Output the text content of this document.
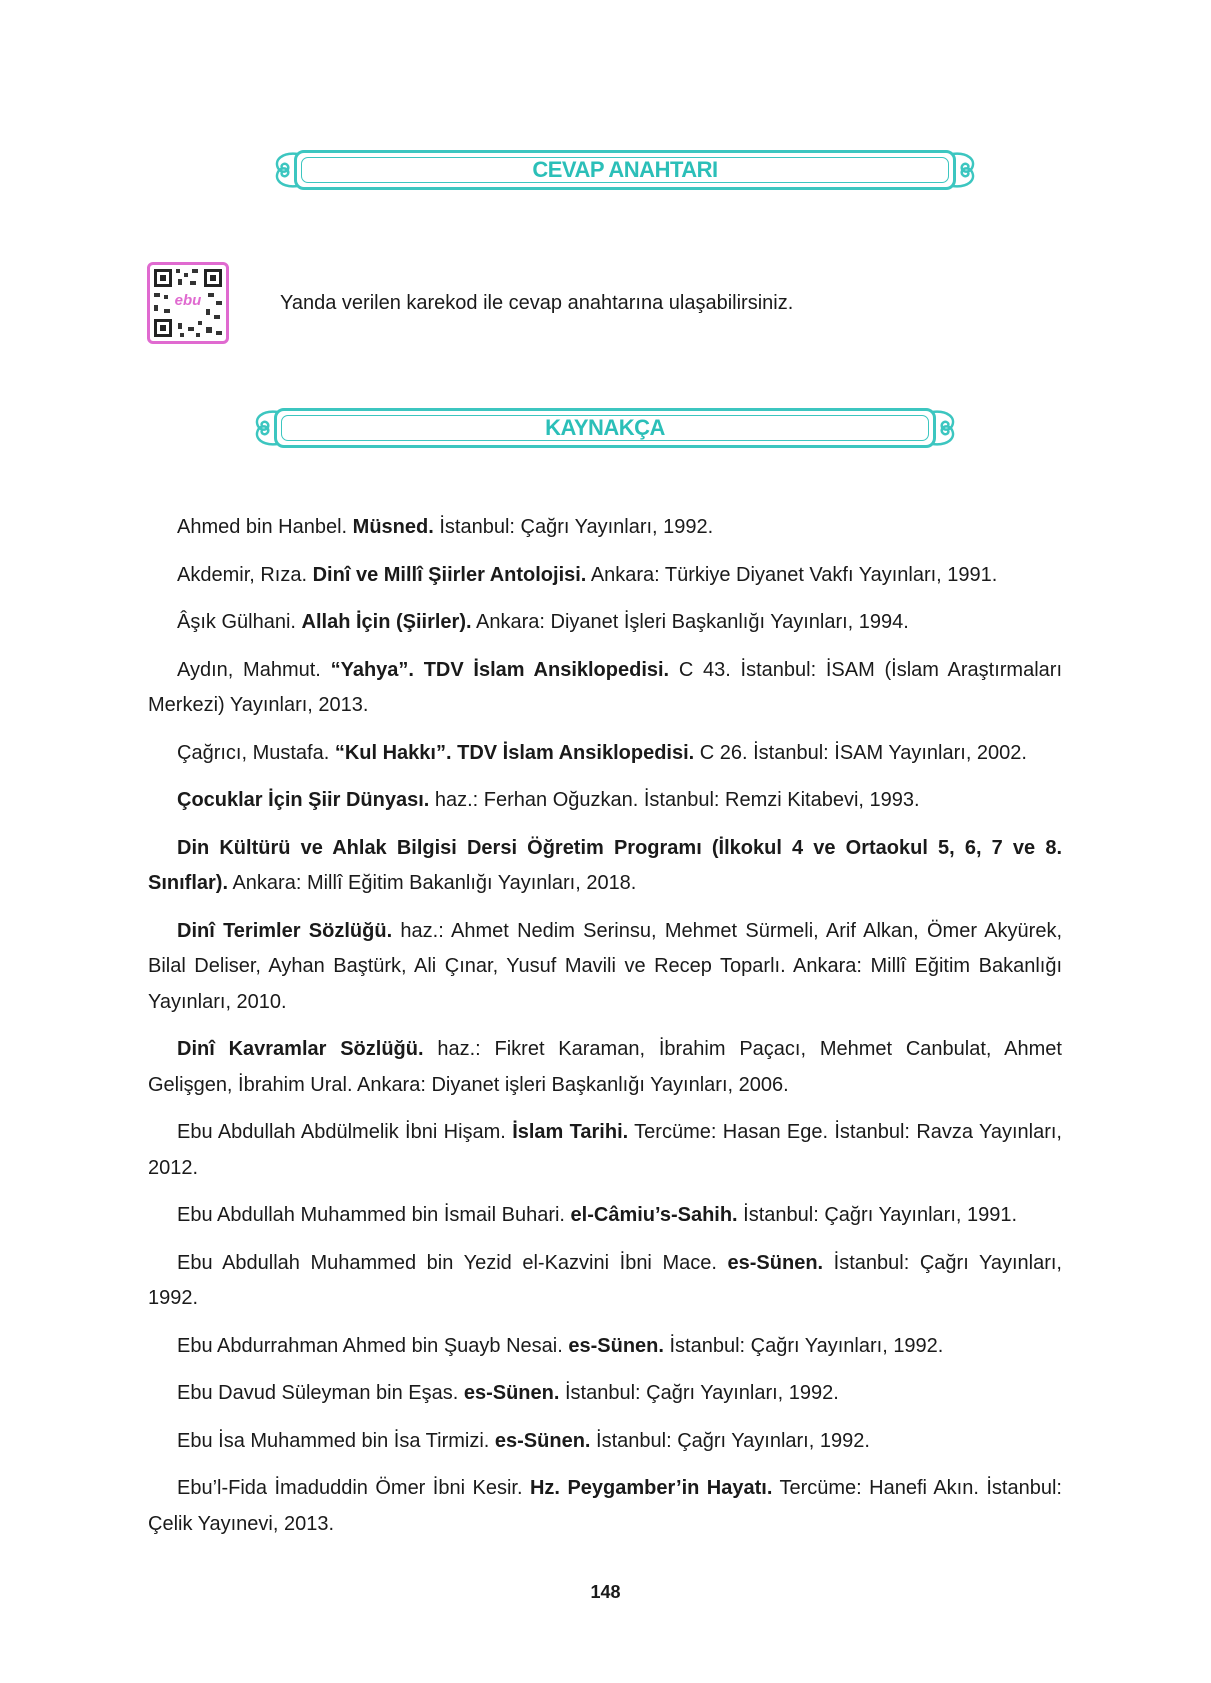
CEVAP ANAHTARI
ebu	Yanda verilen karekod ile cevap anahtarına ulaşabilirsiniz.
KAYNAKÇA

Ahmed bin Hanbel. Müsned. İstanbul: Çağrı Yayınları, 1992.

Akdemir, Rıza. Dinî ve Millî Şiirler Antolojisi. Ankara: Türkiye Diyanet Vakfı Yayınları, 1991.

Âşık Gülhani. Allah İçin (Şiirler). Ankara: Diyanet İşleri Başkanlığı Yayınları, 1994.

Aydın, Mahmut. “Yahya”. TDV İslam Ansiklopedisi. C 43. İstanbul: İSAM (İslam Araştırmaları Merkezi) Yayınları, 2013.

Çağrıcı, Mustafa. “Kul Hakkı”. TDV İslam Ansiklopedisi. C 26. İstanbul: İSAM Yayınları, 2002.

Çocuklar İçin Şiir Dünyası. haz.: Ferhan Oğuzkan. İstanbul: Remzi Kitabevi, 1993.

Din Kültürü ve Ahlak Bilgisi Dersi Öğretim Programı (İlkokul 4 ve Ortaokul 5, 6, 7 ve 8. Sınıflar). Ankara: Millî Eğitim Bakanlığı Yayınları, 2018.

Dinî Terimler Sözlüğü. haz.: Ahmet Nedim Serinsu, Mehmet Sürmeli, Arif Alkan, Ömer Akyürek, Bilal Deliser, Ayhan Baştürk, Ali Çınar, Yusuf Mavili ve Recep Toparlı. Ankara: Millî Eğitim Bakanlığı Yayınları, 2010.

Dinî Kavramlar Sözlüğü. haz.: Fikret Karaman, İbrahim Paçacı, Mehmet Canbulat, Ahmet Gelişgen, İbrahim Ural. Ankara: Diyanet işleri Başkanlığı Yayınları, 2006.

Ebu Abdullah Abdülmelik İbni Hişam. İslam Tarihi. Tercüme: Hasan Ege. İstanbul: Ravza Yayınları, 2012.

Ebu Abdullah Muhammed bin İsmail Buhari. el-Câmiu’s-Sahih. İstanbul: Çağrı Yayınları, 1991.

Ebu Abdullah Muhammed bin Yezid el-Kazvini İbni Mace. es-Sünen. İstanbul: Çağrı Yayınları, 1992.

Ebu Abdurrahman Ahmed bin Şuayb Nesai. es-Sünen. İstanbul: Çağrı Yayınları, 1992.

Ebu Davud Süleyman bin Eşas. es-Sünen. İstanbul: Çağrı Yayınları, 1992.

Ebu İsa Muhammed bin İsa Tirmizi. es-Sünen. İstanbul: Çağrı Yayınları, 1992.

Ebu’l-Fida İmaduddin Ömer İbni Kesir. Hz. Peygamber’in Hayatı. Tercüme: Hanefi Akın. İstanbul: Çelik Yayınevi, 2013.

148
